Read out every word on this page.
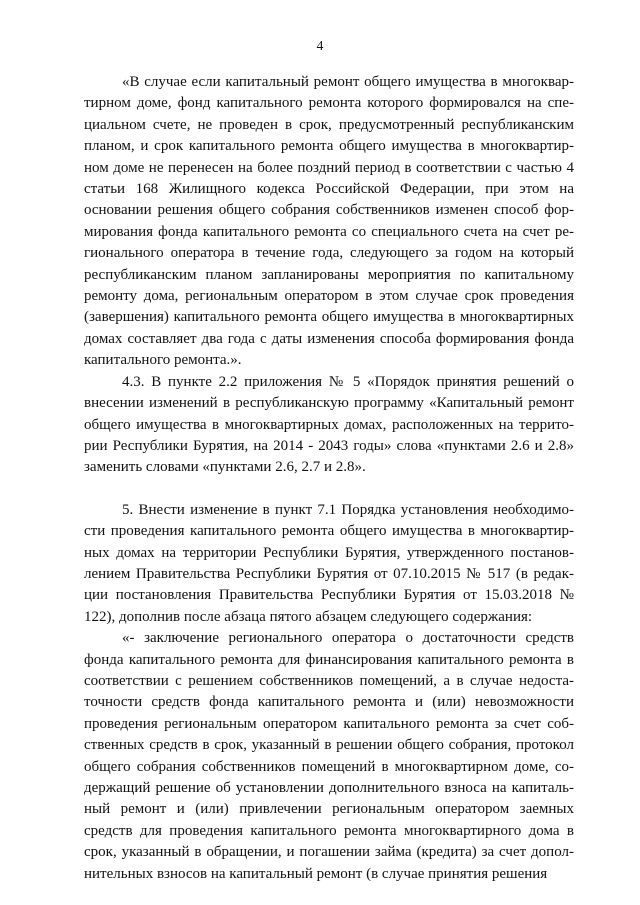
4

«В случае если капитальный ремонт общего имущества в многоквартирном доме, фонд капитального ремонта которого формировался на специальном счете, не проведен в срок, предусмотренный республиканским планом, и срок капитального ремонта общего имущества в многоквартирном доме не перенесен на более поздний период в соответствии с частью 4 статьи 168 Жилищного кодекса Российской Федерации, при этом на основании решения общего собрания собственников изменен способ формирования фонда капитального ремонта со специального счета на счет регионального оператора в течение года, следующего за годом на который республиканским планом запланированы мероприятия по капитальному ремонту дома, региональным оператором в этом случае срок проведения (завершения) капитального ремонта общего имущества в многоквартирных домах составляет два года с даты изменения способа формирования фонда капитального ремонта.».

4.3. В пункте 2.2 приложения № 5 «Порядок принятия решений о внесении изменений в республиканскую программу «Капитальный ремонт общего имущества в многоквартирных домах, расположенных на территории Республики Бурятия, на 2014 - 2043 годы» слова «пунктами 2.6 и 2.8» заменить словами «пунктами 2.6, 2.7 и 2.8».

5. Внести изменение в пункт 7.1 Порядка установления необходимости проведения капитального ремонта общего имущества в многоквартирных домах на территории Республики Бурятия, утвержденного постановлением Правительства Республики Бурятия от 07.10.2015 № 517 (в редакции постановления Правительства Республики Бурятия от 15.03.2018 № 122), дополнив после абзаца пятого абзацем следующего содержания:

«- заключение регионального оператора о достаточности средств фонда капитального ремонта для финансирования капитального ремонта в соответствии с решением собственников помещений, а в случае недостаточности средств фонда капитального ремонта и (или) невозможности проведения региональным оператором капитального ремонта за счет собственных средств в срок, указанный в решении общего собрания, протокол общего собрания собственников помещений в многоквартирном доме, содержащий решение об установлении дополнительного взноса на капитальный ремонт и (или) привлечении региональным оператором заемных средств для проведения капитального ремонта многоквартирного дома в срок, указанный в обращении, и погашении займа (кредита) за счет дополнительных взносов на капитальный ремонт (в случае принятия решения
